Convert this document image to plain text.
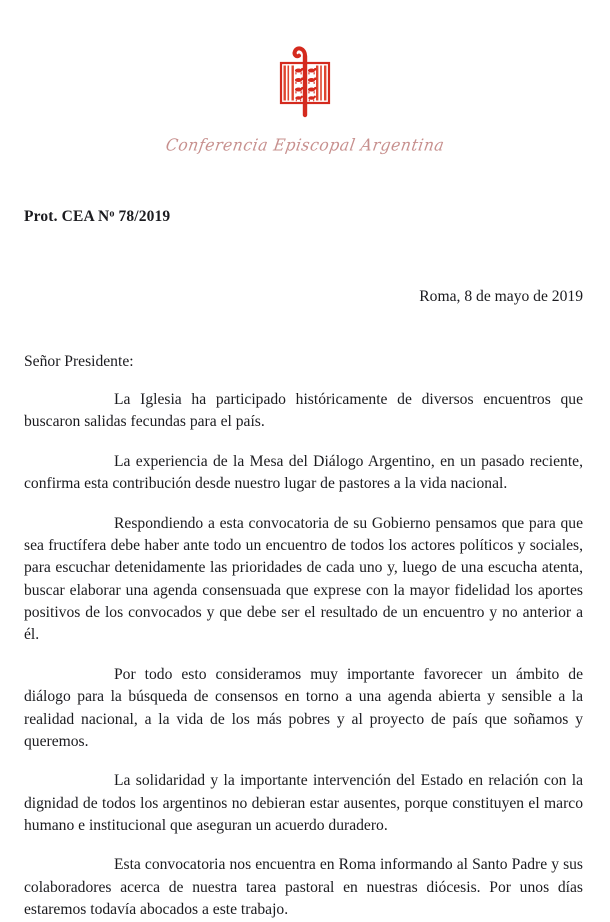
Conferencia Episcopal Argentina
Prot. CEA $N^o$ 78/2019
Roma, 8 de mayo de 2019
Señor Presidente:

La Iglesia ha participado históricamente de diversos encuentros que buscaron salidas fecundas para el país.

La experiencia de la Mesa del Diálogo Argentino, en un pasado reciente, confirma esta contribución desde nuestro lugar de pastores a la vida nacional.

Respondiendo a esta convocatoria de su Gobierno pensamos que para que sea fructífera debe haber ante todo un encuentro de todos los actores políticos y sociales, para escuchar detenidamente las prioridades de cada uno y, luego de una escucha atenta, buscar elaborar una agenda consensuada que exprese con la mayor fidelidad los aportes positivos de los convocados y que debe ser el resultado de un encuentro y no anterior a él.

Por todo esto consideramos muy importante favorecer un ámbito de diálogo para la búsqueda de consensos en torno a una agenda abierta y sensible a la realidad nacional, a la vida de los más pobres y al proyecto de país que soñamos y queremos.

La solidaridad y la importante intervención del Estado en relación con la dignidad de todos los argentinos no debieran estar ausentes, porque constituyen el marco humano e institucional que aseguran un acuerdo duradero.

Esta convocatoria nos encuentra en Roma informando al Santo Padre y sus colaboradores acerca de nuestra tarea pastoral en nuestras diócesis. Por unos días estaremos todavía abocados a este trabajo.
